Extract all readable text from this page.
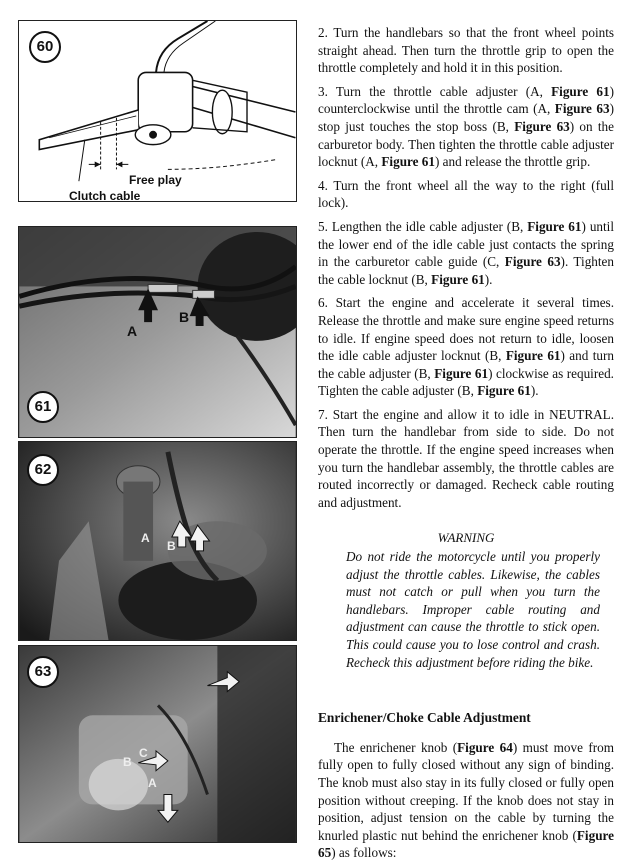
60
Free play
Clutch cable
61
A
B
62
A
B
63
B
C
A

2. Turn the handlebars so that the front wheel points straight ahead. Then turn the throttle grip to open the throttle completely and hold it in this position.

3. Turn the throttle cable adjuster (A, Figure 61) counterclockwise until the throttle cam (A, Figure 63) stop just touches the stop boss (B, Figure 63) on the carburetor body. Then tighten the throttle cable adjuster locknut (A, Figure 61) and release the throttle grip.

4. Turn the front wheel all the way to the right (full lock).

5. Lengthen the idle cable adjuster (B, Figure 61) until the lower end of the idle cable just contacts the spring in the carburetor cable guide (C, Figure 63). Tighten the cable locknut (B, Figure 61).

6. Start the engine and accelerate it several times. Release the throttle and make sure engine speed returns to idle. If engine speed does not return to idle, loosen the idle cable adjuster locknut (B, Figure 61) and turn the cable adjuster (B, Figure 61) clockwise as required. Tighten the cable adjuster (B, Figure 61).

7. Start the engine and allow it to idle in NEUTRAL. Then turn the handlebar from side to side. Do not operate the throttle. If the engine speed increases when you turn the handlebar assembly, the throttle cables are routed incorrectly or damaged. Recheck cable routing and adjustment.

WARNING
Do not ride the motorcycle until you properly adjust the throttle cables. Likewise, the cables must not catch or pull when you turn the handlebars. Improper cable routing and adjustment can cause the throttle to stick open. This could cause you to lose control and crash. Recheck this adjustment before riding the bike.
Enrichener/Choke Cable Adjustment

The enrichener knob (Figure 64) must move from fully open to fully closed without any sign of binding. The knob must also stay in its fully closed or fully open position without creeping. If the knob does not stay in position, adjust tension on the cable by turning the knurled plastic nut behind the enrichener knob (Figure 65) as follows:
